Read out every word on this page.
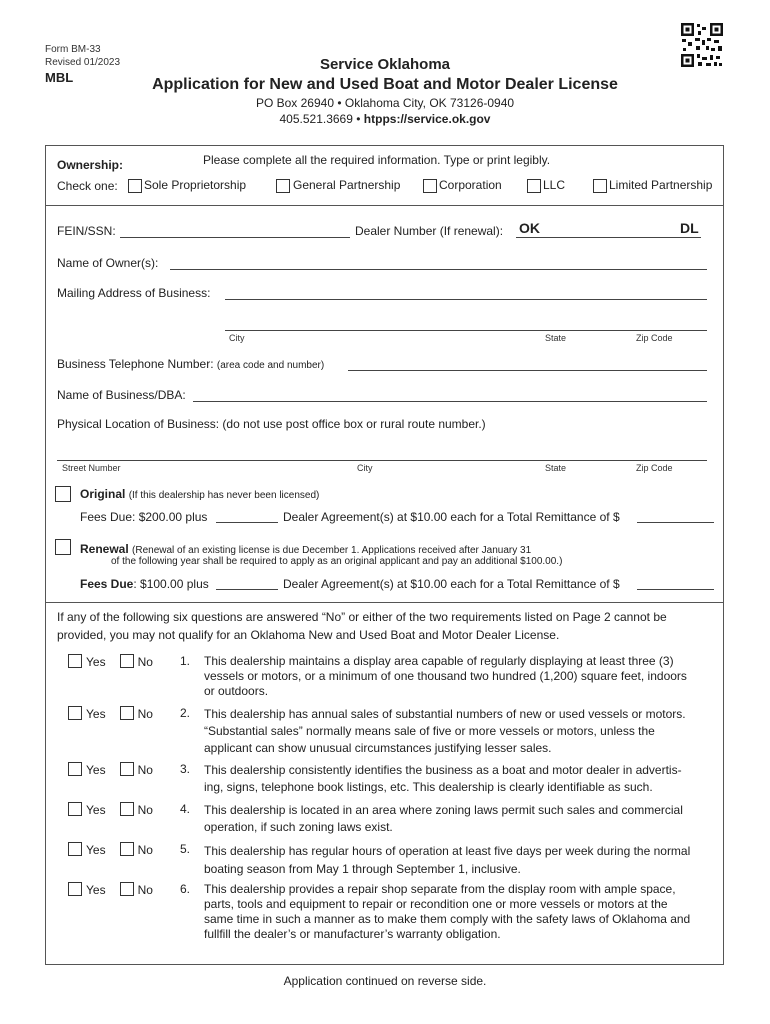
Form BM-33
Revised 01/2023
MBL
Service Oklahoma
Application for New and Used Boat and Motor Dealer License
PO Box 26940 • Oklahoma City, OK 73126-0940
405.521.3669 • htpps://service.ok.gov
Ownership:	Please complete all the required information. Type or print legibly.
Check one:	Sole Proprietorship	General Partnership	Corporation	LLC	Limited Partnership
FEIN/SSN:	Dealer Number (If renewal): OK	DL
Name of Owner(s):
Mailing Address of Business:
City	State	Zip Code
Business Telephone Number: (area code and number)
Name of Business/DBA:
Physical Location of Business: (do not use post office box or rural route number.)
Street Number	City	State	Zip Code
Original (If this dealership has never been licensed)
Fees Due: $200.00 plus	Dealer Agreement(s) at $10.00 each for a Total Remittance of $
Renewal (Renewal of an existing license is due December 1. Applications received after January 31
of the following year shall be required to apply as an original applicant and pay an additional $100.00.)
Fees Due: $100.00 plus	Dealer Agreement(s) at $10.00 each for a Total Remittance of $
If any of the following six questions are answered “No” or either of the two requirements listed on Page 2 cannot be
provided, you may not qualify for an Oklahoma New and Used Boat and Motor Dealer License.
Yes	No 1. This dealership maintains a display area capable of regularly displaying at least three (3)
vessels or motors, or a minimum of one thousand two hundred (1,200) square feet, indoors
or outdoors.
Yes	No 2. This dealership has annual sales of substantial numbers of new or used vessels or motors.
“Substantial sales” normally means sale of five or more vessels or motors, unless the
applicant can show unusual circumstances justifying lesser sales.
Yes	No 3. This dealership consistently identifies the business as a boat and motor dealer in advertis-
ing, signs, telephone book listings, etc. This dealership is clearly identifiable as such.
Yes	No 4. This dealership is located in an area where zoning laws permit such sales and commercial
operation, if such zoning laws exist.
Yes	No 5. This dealership has regular hours of operation at least five days per week during the normal
boating season from May 1 through September 1, inclusive.
Yes	No 6. This dealership provides a repair shop separate from the display room with ample space,
parts, tools and equipment to repair or recondition one or more vessels or motors at the
same time in such a manner as to make them comply with the safety laws of Oklahoma and
fullfill the dealer’s or manufacturer’s warranty obligation.
Application continued on reverse side.
